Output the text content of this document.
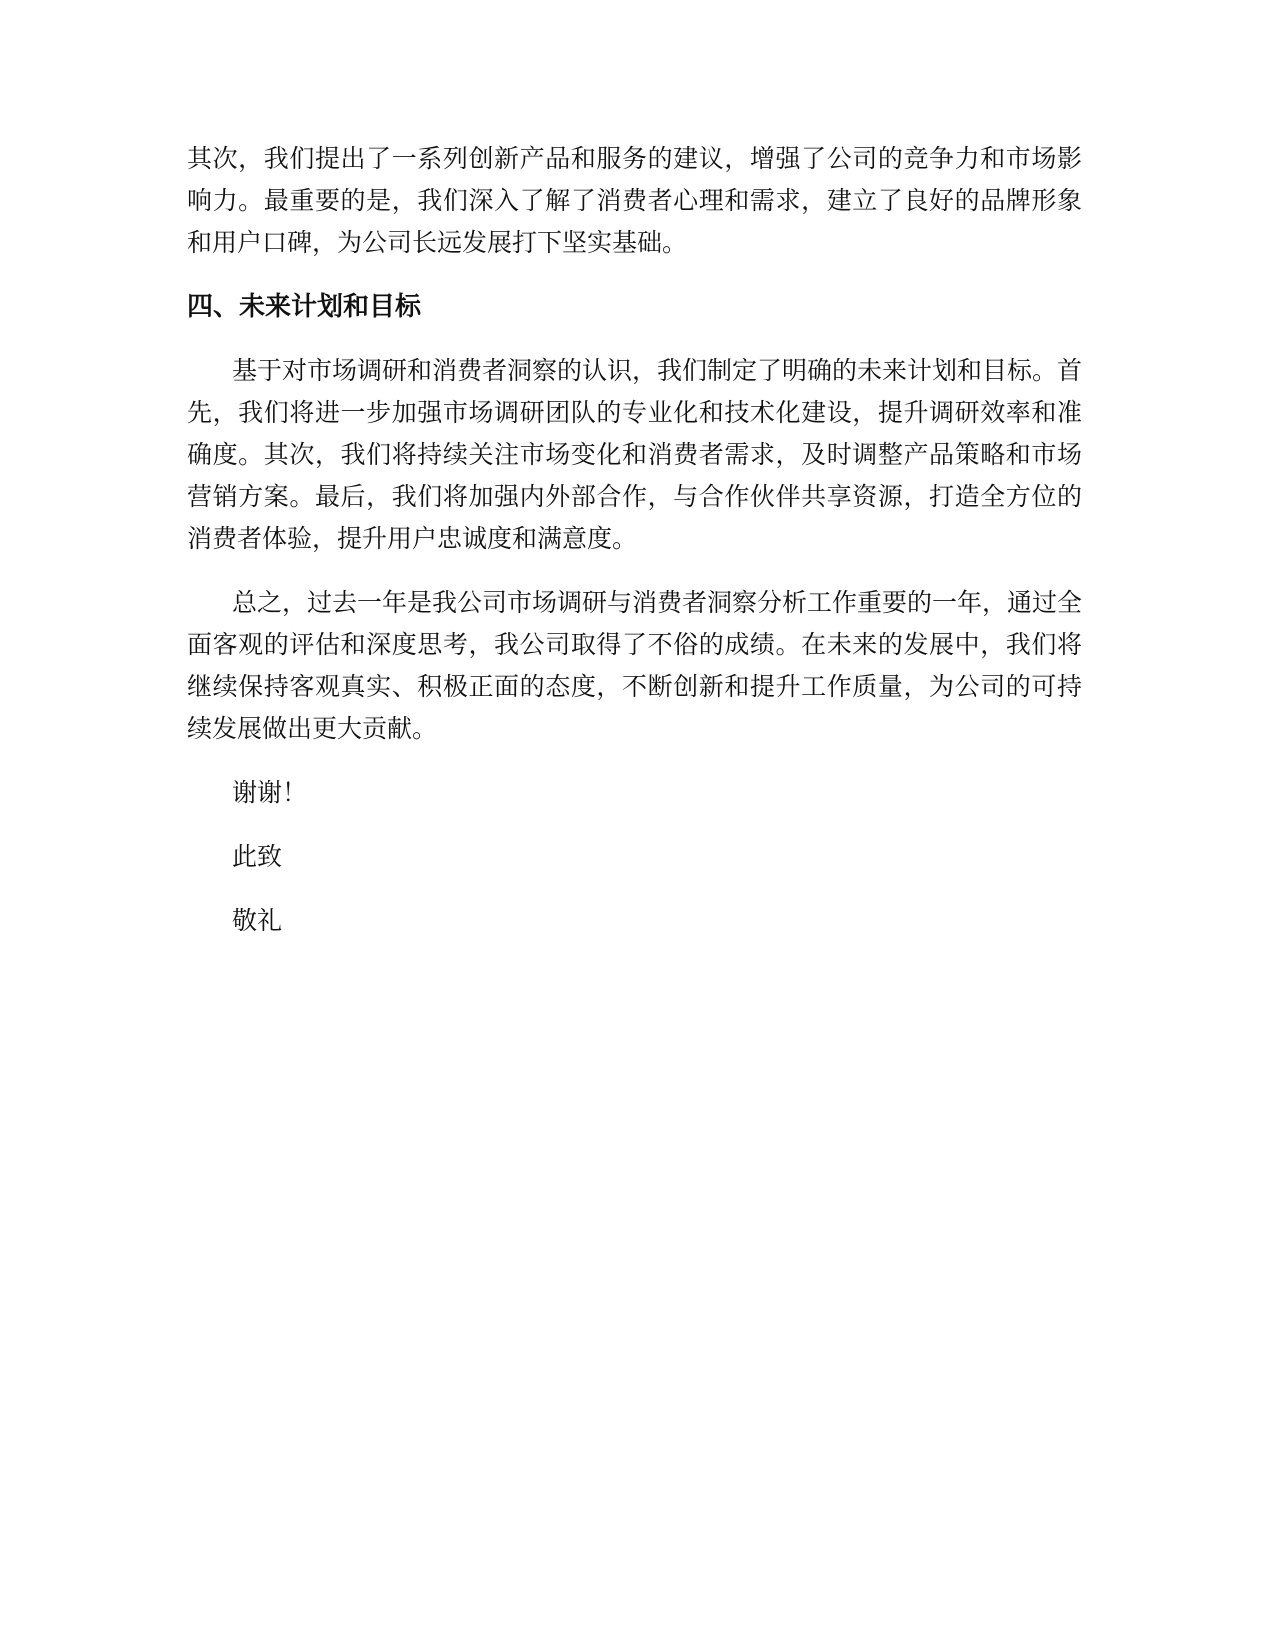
其次，我们提出了一系列创新产品和服务的建议，增强了公司的竞争力和市场影响力。最重要的是，我们深入了解了消费者心理和需求，建立了良好的品牌形象和用户口碑，为公司长远发展打下坚实基础。

四、未来计划和目标

基于对市场调研和消费者洞察的认识，我们制定了明确的未来计划和目标。首先，我们将进一步加强市场调研团队的专业化和技术化建设，提升调研效率和准确度。其次，我们将持续关注市场变化和消费者需求，及时调整产品策略和市场营销方案。最后，我们将加强内外部合作，与合作伙伴共享资源，打造全方位的消费者体验，提升用户忠诚度和满意度。

总之，过去一年是我公司市场调研与消费者洞察分析工作重要的一年，通过全面客观的评估和深度思考，我公司取得了不俗的成绩。在未来的发展中，我们将继续保持客观真实、积极正面的态度，不断创新和提升工作质量，为公司的可持续发展做出更大贡献。

谢谢！

此致

敬礼
